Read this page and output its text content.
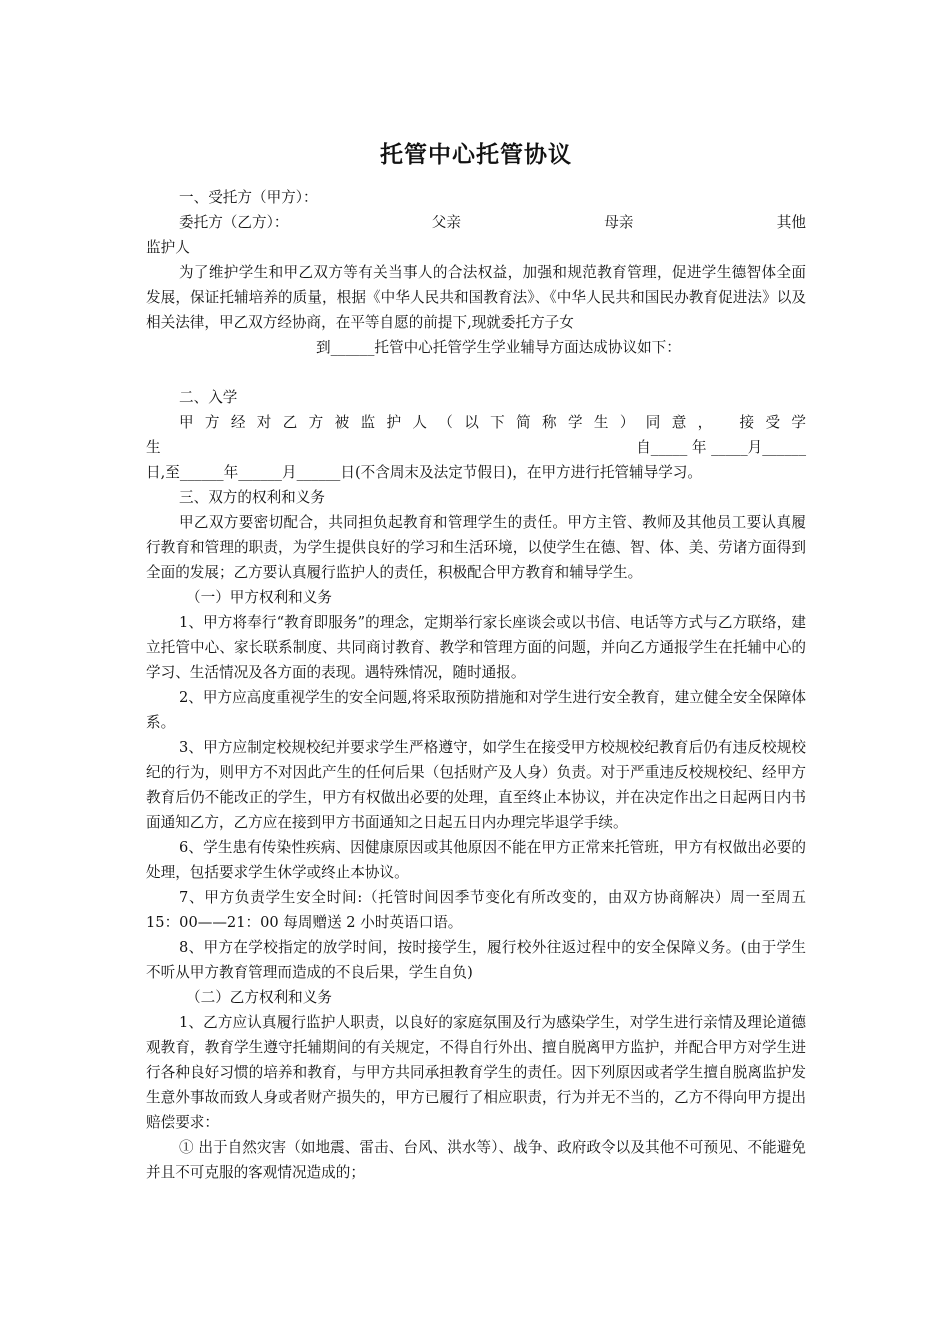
托管中心托管协议

一、受托方（甲方）：

委托方（乙方）：	父亲	母亲	其他

监护人

为了维护学生和甲乙双方等有关当事人的合法权益，加强和规范教育管理，促进学生德智体全面发展，保证托辅培养的质量，根据《中华人民共和国教育法》、《中华人民共和国民办教育促进法》以及相关法律，甲乙双方经协商，在平等自愿的前提下,现就委托方子女

到______托管中心托管学生学业辅导方面达成协议如下：

二、入学

甲方经对乙方被监护人（以下简称学生）同意， 接受学

生	自_____ 年 _____月______

日,至______年______月______日(不含周末及法定节假日)，在甲方进行托管辅导学习。

三、双方的权利和义务

甲乙双方要密切配合，共同担负起教育和管理学生的责任。甲方主管、教师及其他员工要认真履行教育和管理的职责，为学生提供良好的学习和生活环境，以使学生在德、智、体、美、劳诸方面得到全面的发展；乙方要认真履行监护人的责任，积极配合甲方教育和辅导学生。

（一）甲方权利和义务

1、甲方将奉行“教育即服务”的理念，定期举行家长座谈会或以书信、电话等方式与乙方联络，建立托管中心、家长联系制度、共同商讨教育、教学和管理方面的问题，并向乙方通报学生在托辅中心的学习、生活情况及各方面的表现。遇特殊情况，随时通报。

2、甲方应高度重视学生的安全问题,将采取预防措施和对学生进行安全教育，建立健全安全保障体系。

3、甲方应制定校规校纪并要求学生严格遵守，如学生在接受甲方校规校纪教育后仍有违反校规校纪的行为，则甲方不对因此产生的任何后果（包括财产及人身）负责。对于严重违反校规校纪、经甲方教育后仍不能改正的学生，甲方有权做出必要的处理，直至终止本协议，并在决定作出之日起两日内书面通知乙方，乙方应在接到甲方书面通知之日起五日内办理完毕退学手续。

6、学生患有传染性疾病、因健康原因或其他原因不能在甲方正常来托管班，甲方有权做出必要的处理，包括要求学生休学或终止本协议。

7、甲方负责学生安全时间:（托管时间因季节变化有所改变的，由双方协商解决）周一至周五 15：00——21：00 每周赠送 2 小时英语口语。

8、甲方在学校指定的放学时间，按时接学生，履行校外往返过程中的安全保障义务。(由于学生不听从甲方教育管理而造成的不良后果，学生自负)

（二）乙方权利和义务

1、乙方应认真履行监护人职责，以良好的家庭氛围及行为感染学生，对学生进行亲情及理论道德观教育，教育学生遵守托辅期间的有关规定，不得自行外出、擅自脱离甲方监护，并配合甲方对学生进行各种良好习惯的培养和教育，与甲方共同承担教育学生的责任。因下列原因或者学生擅自脱离监护发生意外事故而致人身或者财产损失的，甲方已履行了相应职责，行为并无不当的，乙方不得向甲方提出赔偿要求：

① 出于自然灾害（如地震、雷击、台风、洪水等）、战争、政府政令以及其他不可预见、不能避免并且不可克服的客观情况造成的；
